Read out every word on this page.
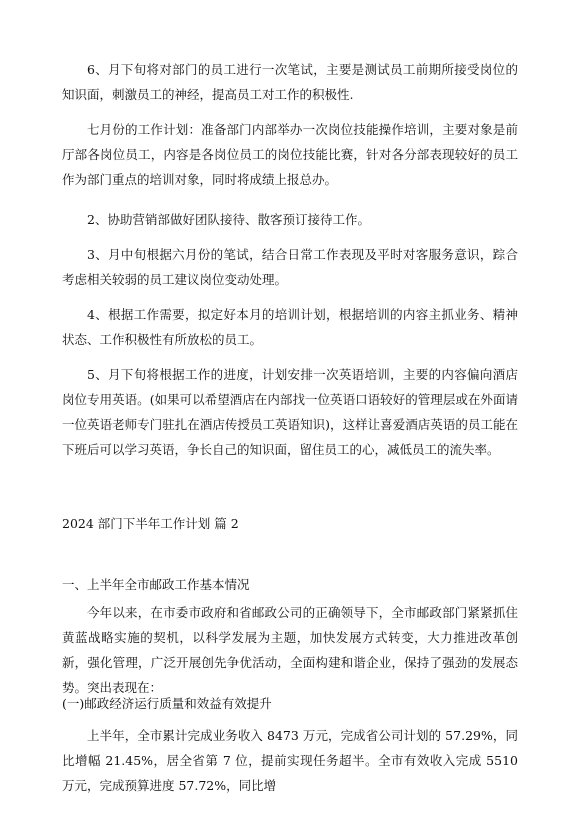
6、月下旬将对部门的员工进行一次笔试，主要是测试员工前期所接受岗位的知识面，刺激员工的神经，提高员工对工作的积极性.

七月份的工作计划：准备部门内部举办一次岗位技能操作培训，主要对象是前厅部各岗位员工，内容是各岗位员工的岗位技能比赛，针对各分部表现较好的员工作为部门重点的培训对象，同时将成绩上报总办。

2、协助营销部做好团队接待、散客预订接待工作。

3、月中旬根据六月份的笔试，结合日常工作表现及平时对客服务意识，踪合考虑相关较弱的员工建议岗位变动处理。

4、根据工作需要，拟定好本月的培训计划，根据培训的内容主抓业务、精神状态、工作积极性有所放松的员工。

5、月下旬将根据工作的进度，计划安排一次英语培训，主要的内容偏向酒店岗位专用英语。(如果可以希望酒店在内部找一位英语口语较好的管理层或在外面请一位英语老师专门驻扎在酒店传授员工英语知识)，这样让喜爱酒店英语的员工能在下班后可以学习英语，争长自己的知识面，留住员工的心，减低员工的流失率。

2024 部门下半年工作计划 篇 2

一、上半年全市邮政工作基本情况

今年以来，在市委市政府和省邮政公司的正确领导下，全市邮政部门紧紧抓住黄蓝战略实施的契机，以科学发展为主题，加快发展方式转变，大力推进改革创新，强化管理，广泛开展创先争优活动，全面构建和谐企业，保持了强劲的发展态势。突出表现在：

(一)邮政经济运行质量和效益有效提升

上半年，全市累计完成业务收入 8473 万元，完成省公司计划的 57.29%，同比增幅 21.45%，居全省第 7 位，提前实现任务超半。全市有效收入完成 5510 万元，完成预算进度 57.72%，同比增
